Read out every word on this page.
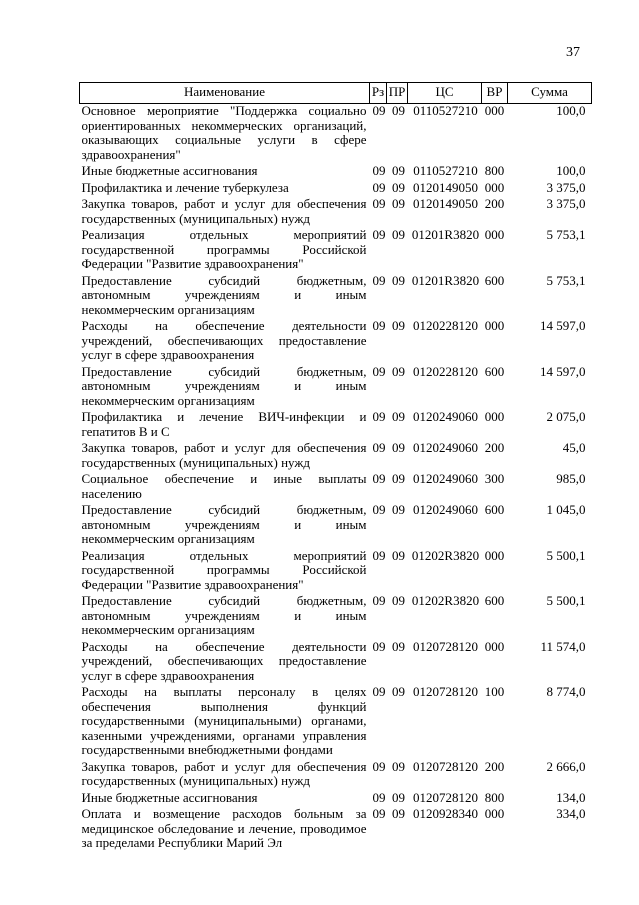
37
Наименование	Рз	ПР	ЦС	ВР	Сумма
Основное мероприятие "Поддержка социально ориентированных некоммерческих организаций, оказывающих социальные услуги в сфере здравоохранения"	09	09	0110527210	000	100,0
Иные бюджетные ассигнования	09	09	0110527210	800	100,0
Профилактика и лечение туберкулеза	09	09	0120149050	000	3 375,0
Закупка товаров, работ и услуг для обеспечения государственных (муниципальных) нужд	09	09	0120149050	200	3 375,0
Реализация отдельных мероприятий государственной программы Российской Федерации "Развитие здравоохранения"	09	09	01201R3820	000	5 753,1
Предоставление субсидий бюджетным, автономным учреждениям и иным некоммерческим организациям	09	09	01201R3820	600	5 753,1
Расходы на обеспечение деятельности учреждений, обеспечивающих предоставление услуг в сфере здравоохранения	09	09	0120228120	000	14 597,0
Предоставление субсидий бюджетным, автономным учреждениям и иным некоммерческим организациям	09	09	0120228120	600	14 597,0
Профилактика и лечение ВИЧ-инфекции и гепатитов B и C	09	09	0120249060	000	2 075,0
Закупка товаров, работ и услуг для обеспечения государственных (муниципальных) нужд	09	09	0120249060	200	45,0
Социальное обеспечение и иные выплаты населению	09	09	0120249060	300	985,0
Предоставление субсидий бюджетным, автономным учреждениям и иным некоммерческим организациям	09	09	0120249060	600	1 045,0
Реализация отдельных мероприятий государственной программы Российской Федерации "Развитие здравоохранения"	09	09	01202R3820	000	5 500,1
Предоставление субсидий бюджетным, автономным учреждениям и иным некоммерческим организациям	09	09	01202R3820	600	5 500,1
Расходы на обеспечение деятельности учреждений, обеспечивающих предоставление услуг в сфере здравоохранения	09	09	0120728120	000	11 574,0
Расходы на выплаты персоналу в целях обеспечения выполнения функций государственными (муниципальными) органами, казенными учреждениями, органами управления государственными внебюджетными фондами	09	09	0120728120	100	8 774,0
Закупка товаров, работ и услуг для обеспечения государственных (муниципальных) нужд	09	09	0120728120	200	2 666,0
Иные бюджетные ассигнования	09	09	0120728120	800	134,0
Оплата и возмещение расходов больным за медицинское обследование и лечение, проводимое за пределами Республики Марий Эл	09	09	0120928340	000	334,0
